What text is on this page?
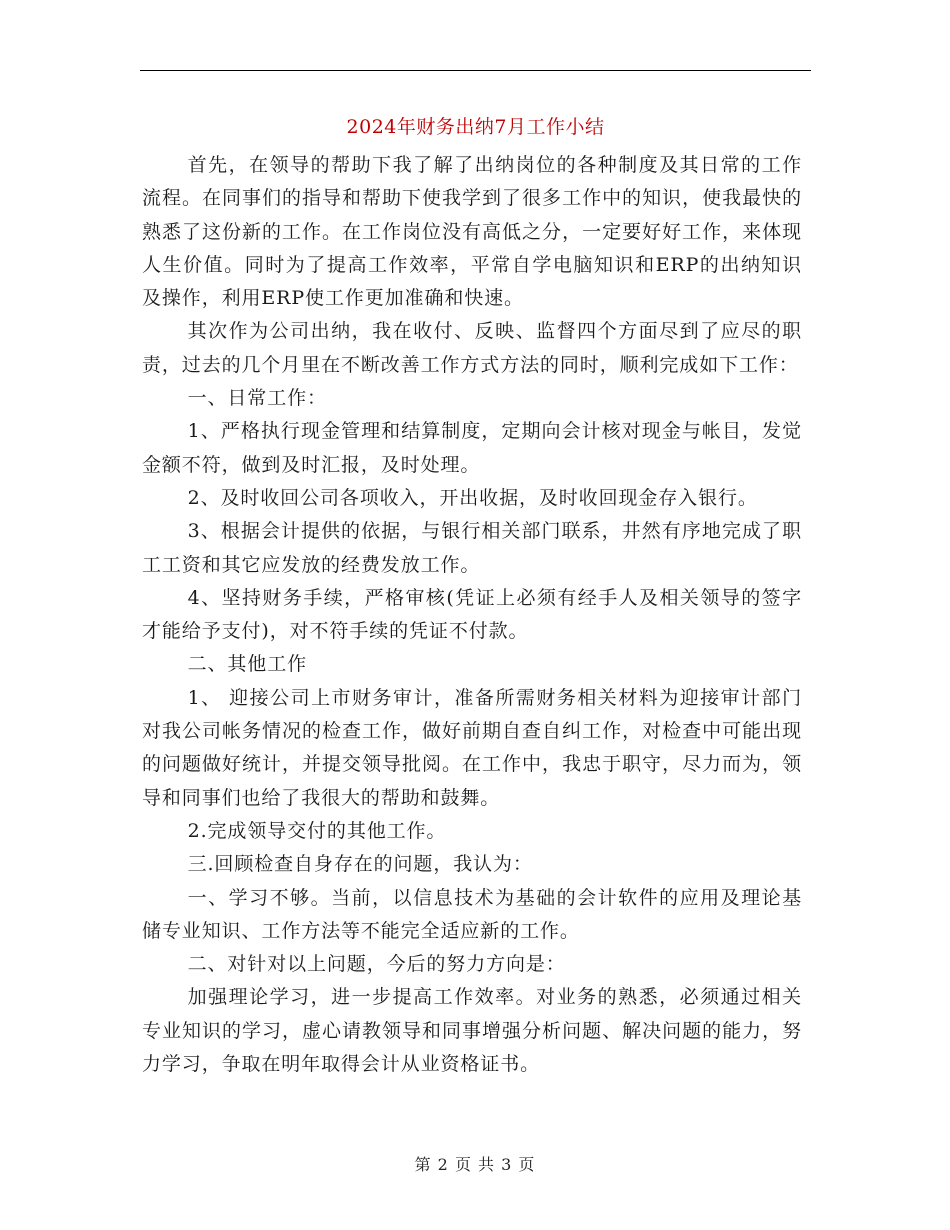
2024年财务出纳7月工作小结

首先，在领导的帮助下我了解了出纳岗位的各种制度及其日常的工作流程。在同事们的指导和帮助下使我学到了很多工作中的知识，使我最快的熟悉了这份新的工作。在工作岗位没有高低之分，一定要好好工作，来体现人生价值。同时为了提高工作效率，平常自学电脑知识和ERP的出纳知识及操作，利用ERP使工作更加准确和快速。

其次作为公司出纳，我在收付、反映、监督四个方面尽到了应尽的职责，过去的几个月里在不断改善工作方式方法的同时，顺利完成如下工作：

一、日常工作：

1、严格执行现金管理和结算制度，定期向会计核对现金与帐目，发觉金额不符，做到及时汇报，及时处理。

2、及时收回公司各项收入，开出收据，及时收回现金存入银行。

3、根据会计提供的依据，与银行相关部门联系，井然有序地完成了职工工资和其它应发放的经费发放工作。

4、坚持财务手续，严格审核(凭证上必须有经手人及相关领导的签字才能给予支付)，对不符手续的凭证不付款。

二、其他工作

1、 迎接公司上市财务审计，准备所需财务相关材料为迎接审计部门对我公司帐务情况的检查工作，做好前期自查自纠工作，对检查中可能出现的问题做好统计，并提交领导批阅。在工作中，我忠于职守，尽力而为，领导和同事们也给了我很大的帮助和鼓舞。

2.完成领导交付的其他工作。

三.回顾检查自身存在的问题，我认为：

一、学习不够。当前，以信息技术为基础的会计软件的应用及理论基储专业知识、工作方法等不能完全适应新的工作。

二、对针对以上问题，今后的努力方向是：

加强理论学习，进一步提高工作效率。对业务的熟悉，必须通过相关专业知识的学习，虚心请教领导和同事增强分析问题、解决问题的能力，努力学习，争取在明年取得会计从业资格证书。

第 2 页 共 3 页
